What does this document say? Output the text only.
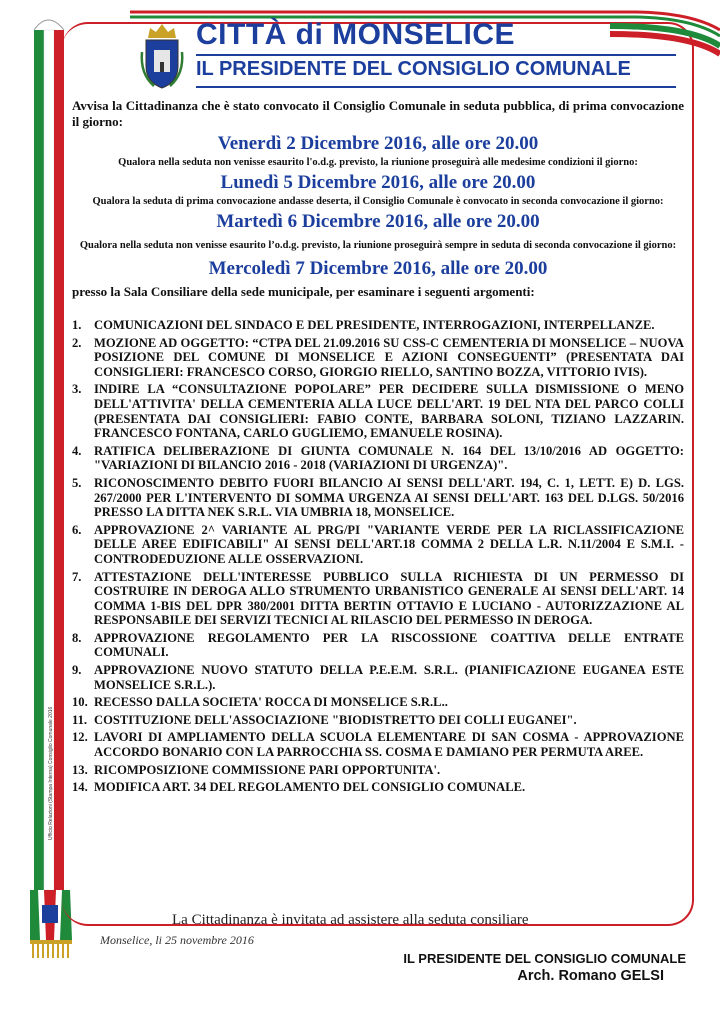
CITTÀ di MONSELICE
IL PRESIDENTE DEL CONSIGLIO COMUNALE

Avvisa la Cittadinanza che è stato convocato il Consiglio Comunale in seduta pubblica, di prima convocazione il giorno:

Venerdì 2 Dicembre 2016, alle ore 20.00

Qualora nella seduta non venisse esaurito l'o.d.g. previsto, la riunione proseguirà alle medesime condizioni il giorno:

Lunedì 5 Dicembre 2016, alle ore 20.00

Qualora la seduta di prima convocazione andasse deserta, il Consiglio Comunale è convocato in seconda convocazione il giorno:

Martedì 6 Dicembre 2016, alle ore 20.00

Qualora nella seduta non venisse esaurito l’o.d.g. previsto, la riunione proseguirà sempre in seduta di seconda convocazione il giorno:

Mercoledì 7 Dicembre 2016, alle ore 20.00

presso la Sala Consiliare della sede municipale, per esaminare i seguenti argomenti:

1. COMUNICAZIONI DEL SINDACO E DEL PRESIDENTE, INTERROGAZIONI, INTERPELLANZE.
2. MOZIONE AD OGGETTO: “CTPA DEL 21.09.2016 SU CSS-C CEMENTERIA DI MONSELICE – NUOVA POSIZIONE DEL COMUNE DI MONSELICE E AZIONI CONSEGUENTI” (PRESENTATA DAI CONSIGLIERI: FRANCESCO CORSO, GIORGIO RIELLO, SANTINO BOZZA, VITTORIO IVIS).
3. INDIRE LA “CONSULTAZIONE POPOLARE” PER DECIDERE SULLA DISMISSIONE O MENO DELL'ATTIVITA' DELLA CEMENTERIA ALLA LUCE DELL'ART. 19 DEL NTA DEL PARCO COLLI (PRESENTATA DAI CONSIGLIERI: FABIO CONTE, BARBARA SOLONI, TIZIANO LAZZARIN. FRANCESCO FONTANA, CARLO GUGLIEMO, EMANUELE ROSINA).
4. RATIFICA DELIBERAZIONE DI GIUNTA COMUNALE N. 164 DEL 13/10/2016 AD OGGETTO: "VARIAZIONI DI BILANCIO 2016 - 2018 (VARIAZIONI DI URGENZA)".
5. RICONOSCIMENTO DEBITO FUORI BILANCIO AI SENSI DELL'ART. 194, C. 1, LETT. E) D. LGS. 267/2000 PER L'INTERVENTO DI SOMMA URGENZA AI SENSI DELL'ART. 163 DEL D.LGS. 50/2016 PRESSO LA DITTA NEK S.R.L. VIA UMBRIA 18, MONSELICE.
6. APPROVAZIONE 2^ VARIANTE AL PRG/PI "VARIANTE VERDE PER LA RICLASSIFICAZIONE DELLE AREE EDIFICABILI" AI SENSI DELL'ART.18 COMMA 2 DELLA L.R. N.11/2004 E S.M.I. - CONTRODEDUZIONE ALLE OSSERVAZIONI.
7. ATTESTAZIONE DELL'INTERESSE PUBBLICO SULLA RICHIESTA DI UN PERMESSO DI COSTRUIRE IN DEROGA ALLO STRUMENTO URBANISTICO GENERALE AI SENSI DELL'ART. 14 COMMA 1-BIS DEL DPR 380/2001 DITTA BERTIN OTTAVIO E LUCIANO - AUTORIZZAZIONE AL RESPONSABILE DEI SERVIZI TECNICI AL RILASCIO DEL PERMESSO IN DEROGA.
8. APPROVAZIONE REGOLAMENTO PER LA RISCOSSIONE COATTIVA DELLE ENTRATE COMUNALI.
9. APPROVAZIONE NUOVO STATUTO DELLA P.E.E.M. S.R.L. (PIANIFICAZIONE EUGANEA ESTE MONSELICE S.R.L.).
10. RECESSO DALLA SOCIETA' ROCCA DI MONSELICE S.R.L..
11. COSTITUZIONE DELL'ASSOCIAZIONE "BIODISTRETTO DEI COLLI EUGANEI".
12. LAVORI DI AMPLIAMENTO DELLA SCUOLA ELEMENTARE DI SAN COSMA - APPROVAZIONE ACCORDO BONARIO CON LA PARROCCHIA SS. COSMA E DAMIANO PER PERMUTA AREE.
13. RICOMPOSIZIONE COMMISSIONE PARI OPPORTUNITA'.
14. MODIFICA ART. 34 DEL REGOLAMENTO DEL CONSIGLIO COMUNALE.
La Cittadinanza è invitata ad assistere alla seduta consiliare
Monselice, li 25 novembre 2016
IL PRESIDENTE DEL CONSIGLIO COMUNALE
Arch. Romano GELSI
Ufficio Relazioni (Stampa Interna) Consiglio Comunale 2016
